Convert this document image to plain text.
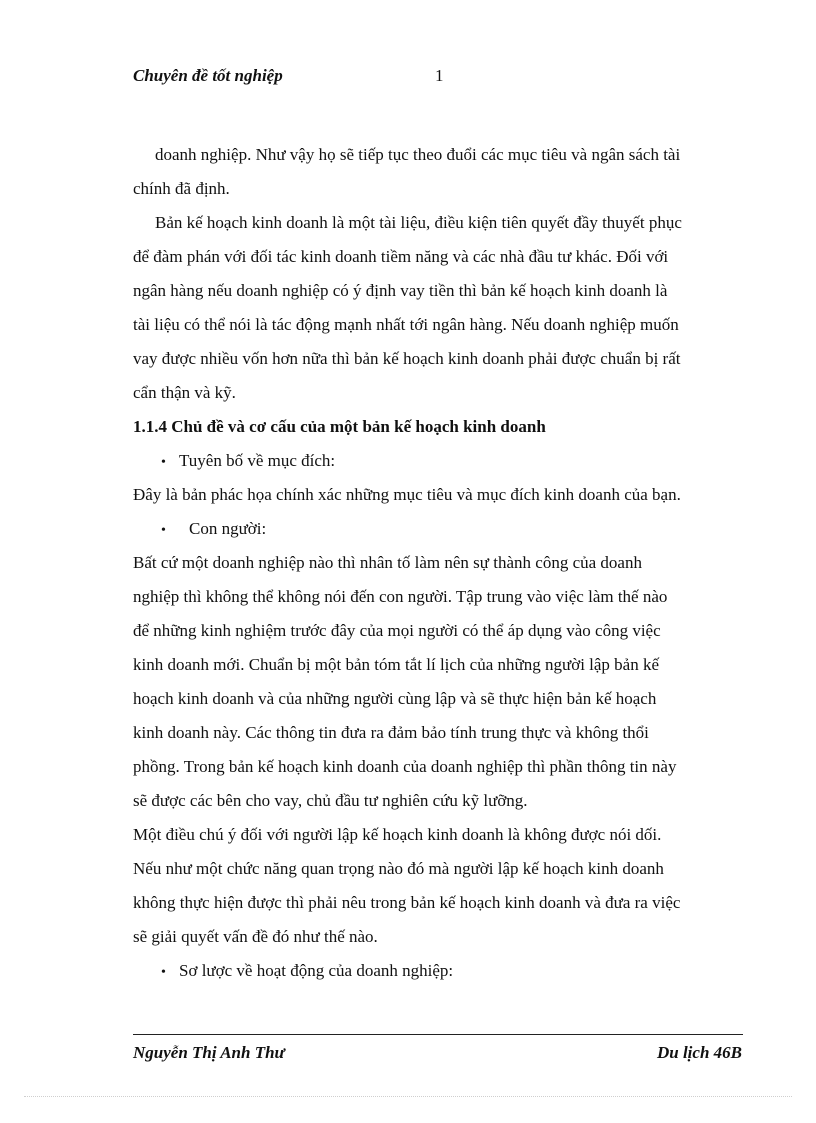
Chuyên đề tốt nghiệp	1
doanh nghiệp. Như vậy họ sẽ tiếp tục theo đuổi các mục tiêu và ngân sách tài
chính đã định.
Bản kế hoạch kinh doanh là một tài liệu, điều kiện tiên quyết đầy thuyết phục
để đàm phán với đối tác kinh doanh tiềm năng và các nhà đầu tư khác. Đối với
ngân hàng nếu doanh nghiệp có ý định vay tiền thì bản kế hoạch kinh doanh là
tài liệu có thể nói là tác động mạnh nhất tới ngân hàng. Nếu doanh nghiệp muốn
vay được nhiều vốn hơn nữa thì bản kế hoạch kinh doanh phải được chuẩn bị rất
cẩn thận và kỹ.
1.1.4 Chủ đề và cơ cấu của một bản kế hoạch kinh doanh
• Tuyên bố về mục đích:
Đây là bản phác họa chính xác những mục tiêu và mục đích kinh doanh của bạn.
• Con người:
Bất cứ một doanh nghiệp nào thì nhân tố làm nên sự thành công của doanh
nghiệp thì không thể không nói đến con người. Tập trung vào việc làm thế nào
để những kinh nghiệm trước đây của mọi người có thể áp dụng vào công việc
kinh doanh mới. Chuẩn bị một bản tóm tắt lí lịch của những người lập bản kế
hoạch kinh doanh và của những người cùng lập và sẽ thực hiện bản kế hoạch
kinh doanh này. Các thông tin đưa ra đảm bảo tính trung thực và không thổi
phồng. Trong bản kế hoạch kinh doanh của doanh nghiệp thì phần thông tin này
sẽ được các bên cho vay, chủ đầu tư nghiên cứu kỹ lưỡng.
Một điều chú ý đối với người lập kế hoạch kinh doanh là không được nói dối.
Nếu như một chức năng quan trọng nào đó mà người lập kế hoạch kinh doanh
không thực hiện được thì phải nêu trong bản kế hoạch kinh doanh và đưa ra việc
sẽ giải quyết vấn đề đó như thế nào.
• Sơ lược về hoạt động của doanh nghiệp:
Nguyễn Thị Anh Thư	Du lịch 46B
